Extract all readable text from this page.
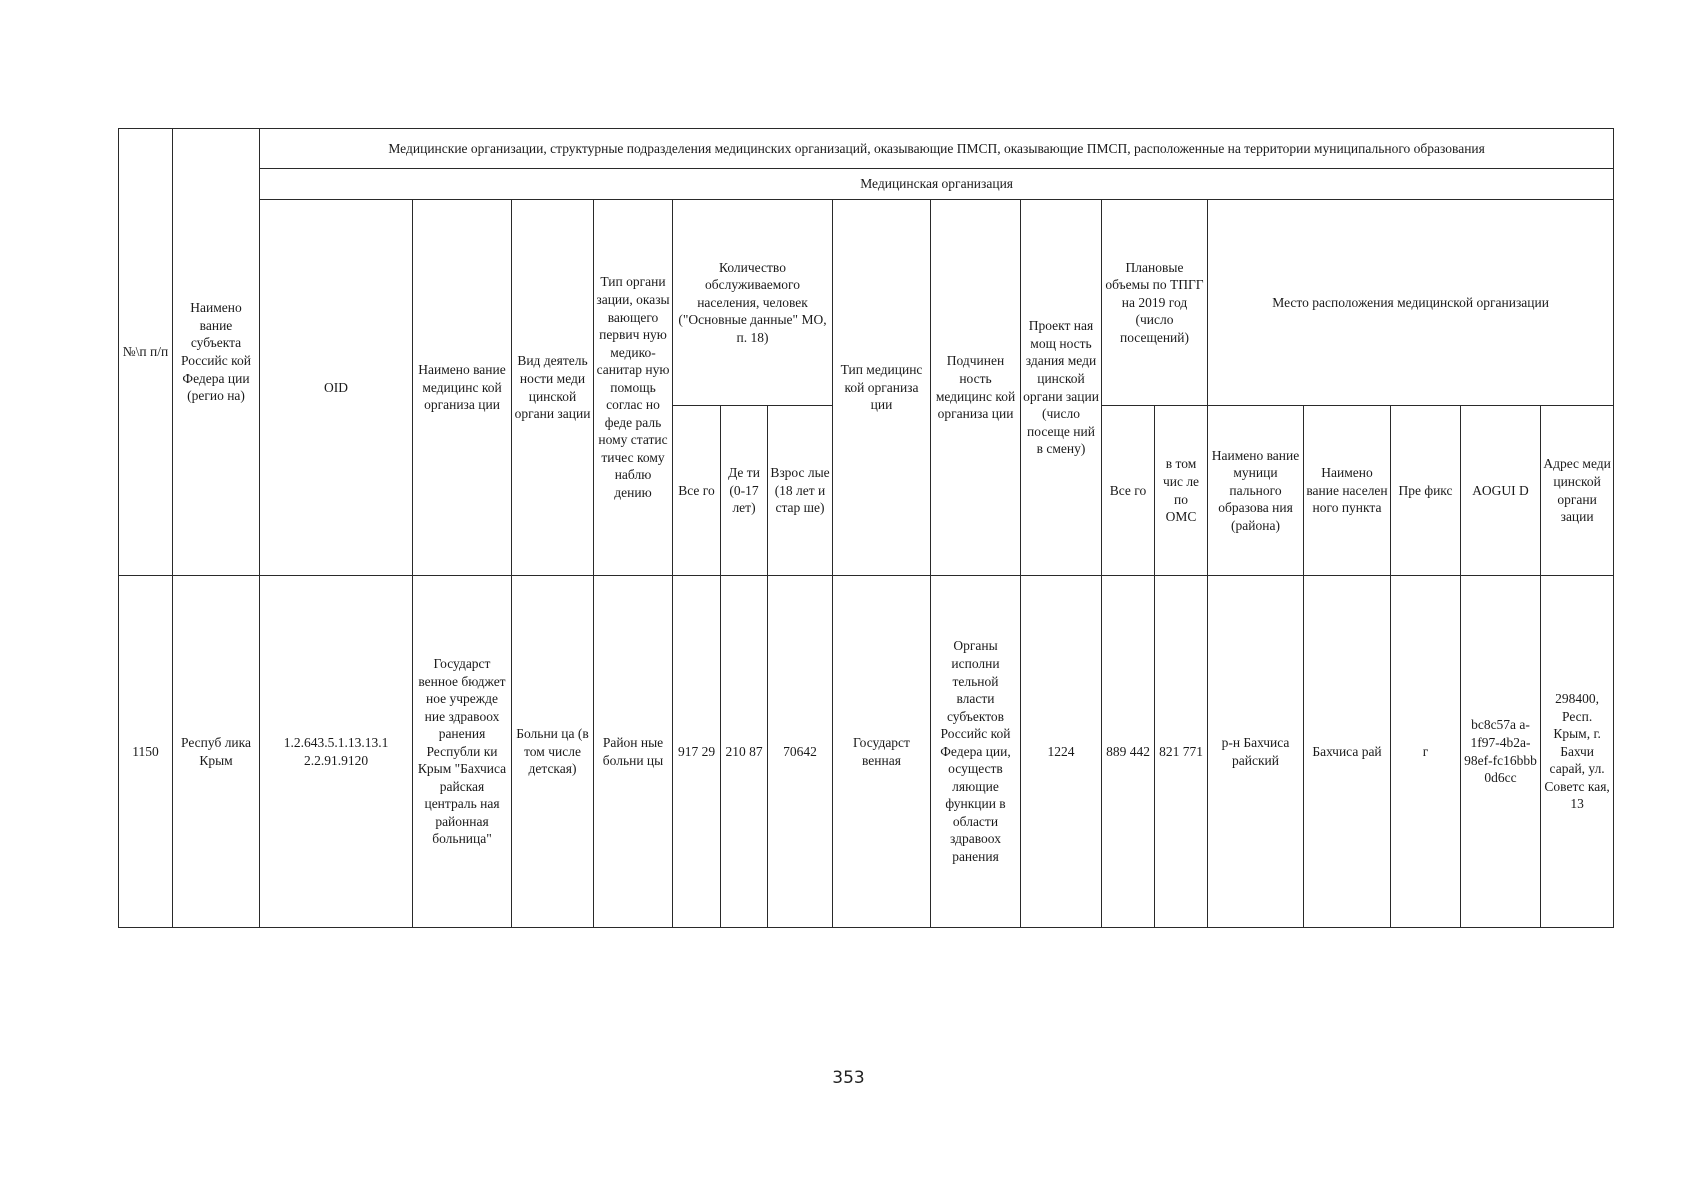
№\п п/п	Наимено вание субъекта Российс кой Федера ции (регио на)	Медицинские организации, структурные подразделения медицинских организаций, оказывающие ПМСП, оказывающие ПМСП, расположенные на территории муниципального образования																
		Медицинская организация																
		OID	Наимено вание медицинс кой организа ции	Вид деятель ности меди цинской органи зации	Тип органи зации, оказы вающего первич ную медико-санитар ную помощь соглас но феде раль ному статис тичес кому наблю дению	Количество обслуживаемого населения, человек ("Основные данные" МО, п. 18)			Тип медицинс кой организа ции	Подчинен ность медицинс кой организа ции	Проект ная мощ ность здания меди цинской органи зации (число посеще ний в смену)	Плановые объемы по ТПГГ на 2019 год (число посещений)		Место расположения медицинской организации				
						Все го	Де ти (0-17 лет)	Взрос лые (18 лет и стар ше)				Все го	в том чис ле по ОМС	Наимено вание муници пального образова ния (района)	Наимено вание населен ного пункта	Пре фикс	AOGUI D	Адрес меди цинской органи зации
1150	Респуб лика Крым	1.2.643.5.1.13.13.1 2.2.91.9120	Государст венное бюджет ное учрежде ние здравоох ранения Республи ки Крым "Бахчиса райская централь ная районная больница"	Больни ца (в том числе детская)	Район ные больни цы	917 29	210 87	70642	Государст венная	Органы исполни тельной власти субъектов Российс кой Федера ции, осуществ ляющие функции в области здравоох ранения	1224	889 442	821 771	р-н Бахчиса райский	Бахчиса рай	г	bc8c57a a-1f97-4b2a-98ef-fc16bbb 0d6cc	298400, Респ. Крым, г. Бахчи сарай, ул. Советс кая, 13
353
